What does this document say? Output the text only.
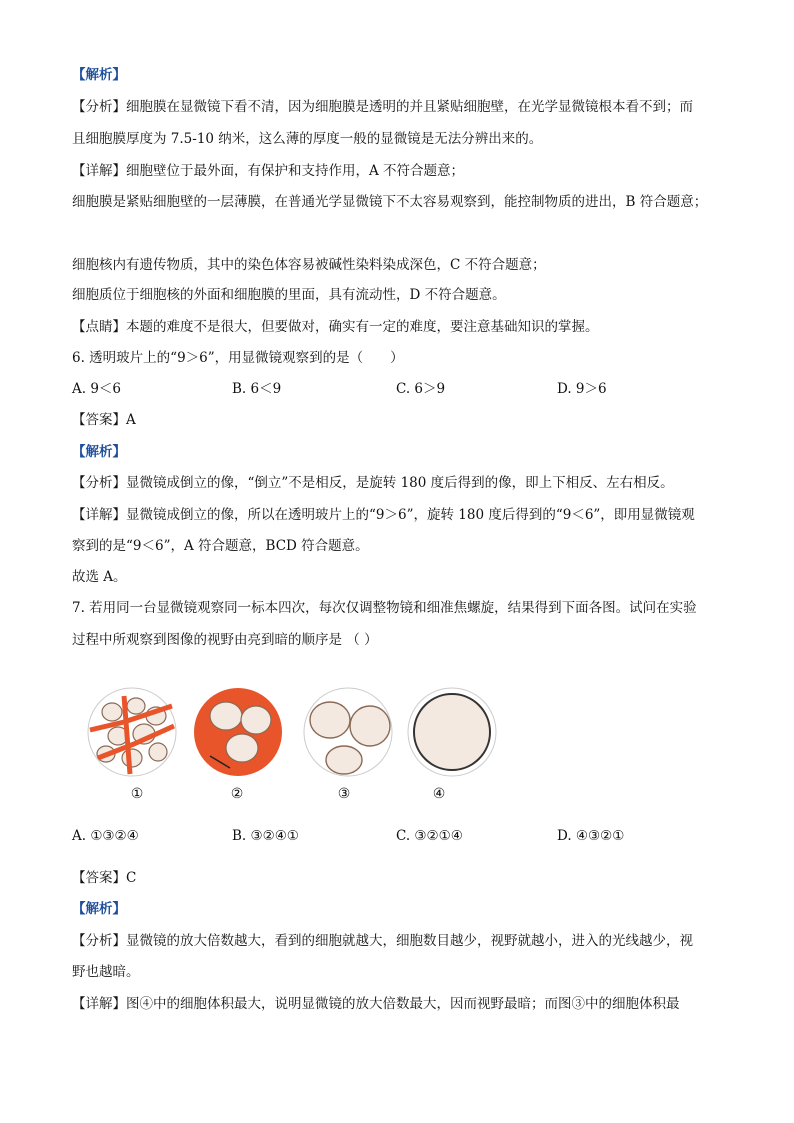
【解析】
【分析】细胞膜在显微镜下看不清，因为细胞膜是透明的并且紧贴细胞壁，在光学显微镜根本看不到；而
且细胞膜厚度为 7.5-10 纳米，这么薄的厚度一般的显微镜是无法分辨出来的。
【详解】细胞壁位于最外面，有保护和支持作用，A 不符合题意；
细胞膜是紧贴细胞壁的一层薄膜，在普通光学显微镜下不太容易观察到，能控制物质的进出，B 符合题意；
细胞核内有遗传物质，其中的染色体容易被碱性染料染成深色，C 不符合题意；
细胞质位于细胞核的外面和细胞膜的里面，具有流动性，D 不符合题意。
【点睛】本题的难度不是很大，但要做对，确实有一定的难度，要注意基础知识的掌握。
6. 透明玻片上的“9＞6”，用显微镜观察到的是（　　）
A. 9＜6	B. 6＜9	C. 6＞9	D. 9＞6
【答案】A
【解析】
【分析】显微镜成倒立的像，“倒立”不是相反，是旋转 180 度后得到的像，即上下相反、左右相反。
【详解】显微镜成倒立的像，所以在透明玻片上的“9＞6”，旋转 180 度后得到的“9＜6”，即用显微镜观
察到的是“9＜6”，A 符合题意，BCD 符合题意。
故选 A。
7. 若用同一台显微镜观察同一标本四次，每次仅调整物镜和细准焦螺旋，结果得到下面各图。试问在实验
过程中所观察到图像的视野由亮到暗的顺序是 （ ）
①	②	③	④
A. ①③②④	B. ③②④①	C. ③②①④	D. ④③②①
【答案】C
【解析】
【分析】显微镜的放大倍数越大，看到的细胞就越大，细胞数目越少，视野就越小，进入的光线越少，视
野也越暗。
【详解】图④中的细胞体积最大，说明显微镜的放大倍数最大，因而视野最暗；而图③中的细胞体积最
